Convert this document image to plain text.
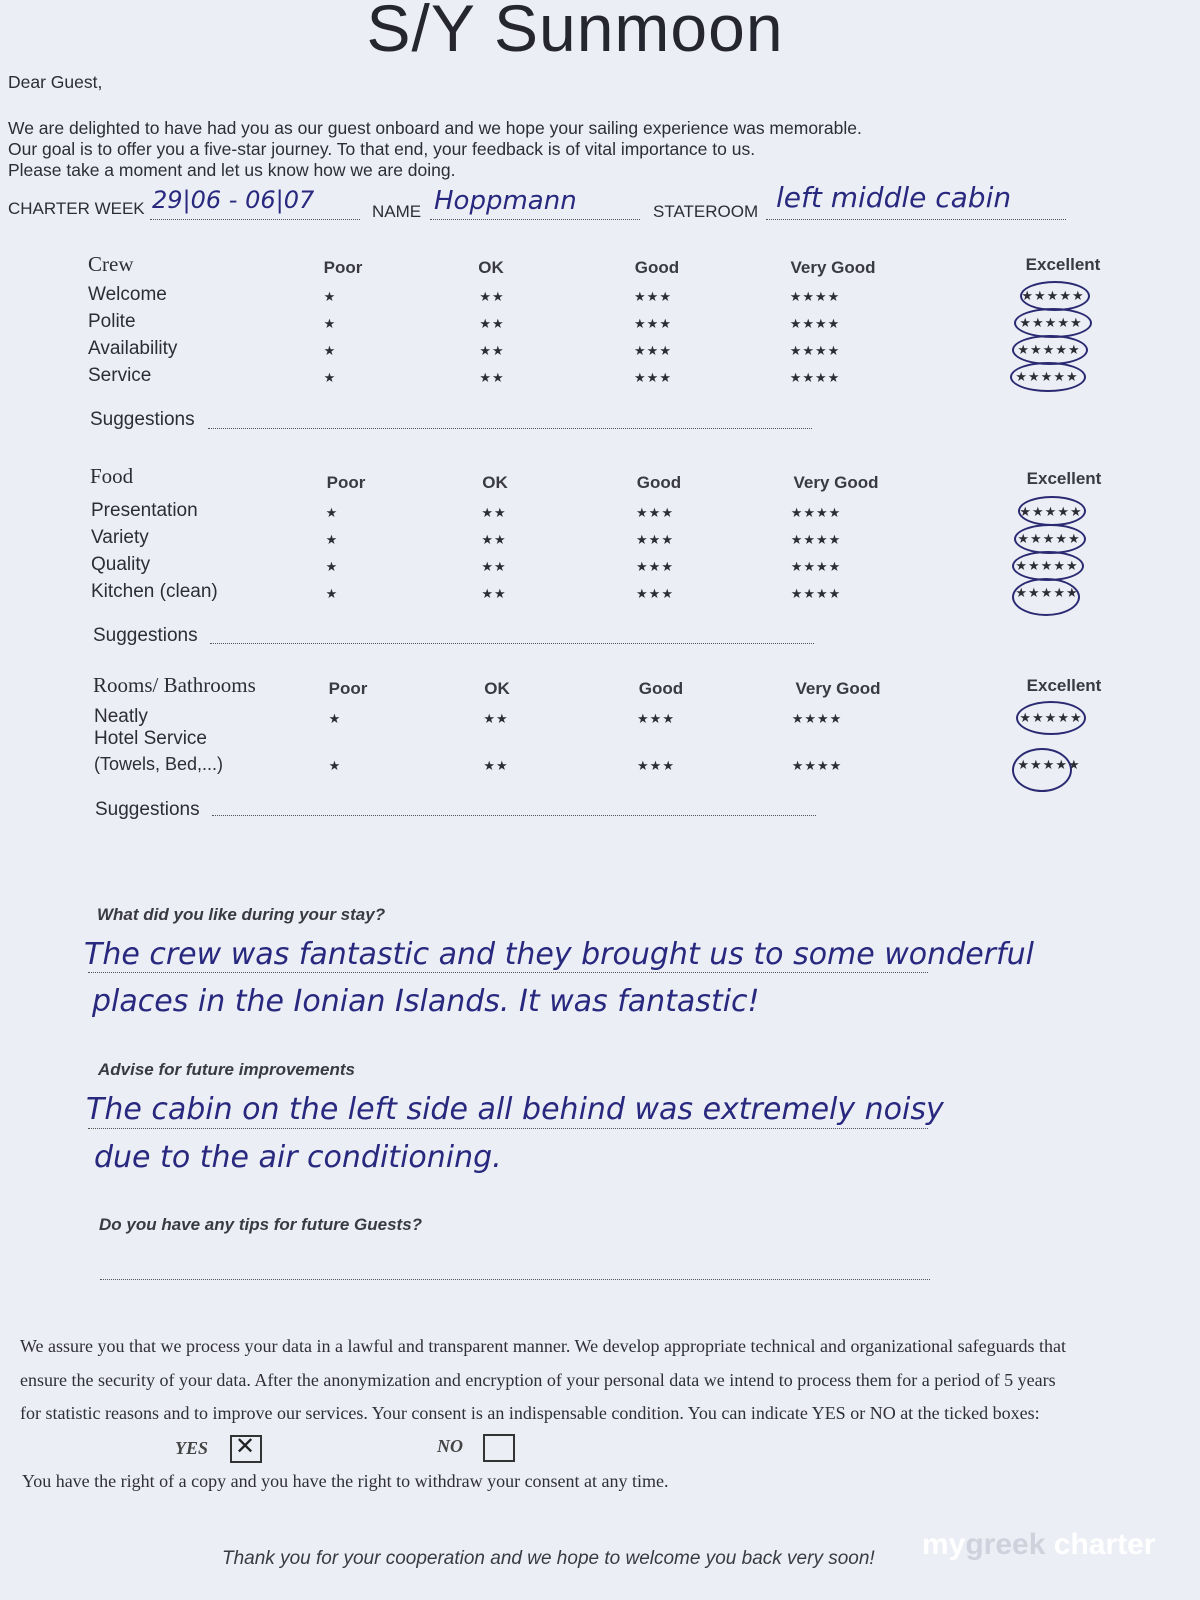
S/Y Sunmoon
Dear Guest,
We are delighted to have had you as our guest onboard and we hope your sailing experience was memorable.
Our goal is to offer you a five-star journey. To that end, your feedback is of vital importance to us.
Please take a moment and let us know how we are doing.
CHARTER WEEK 29|06 - 06|07	NAME Hoppmann	STATEROOM left middle cabin
Crew	Poor	OK	Good	Very Good	Excellent
Welcome	★	★★	★★★	★★★★	★★★★★
Polite	★	★★	★★★	★★★★	★★★★★
Availability	★	★★	★★★	★★★★	★★★★★
Service	★	★★	★★★	★★★★	★★★★★
Suggestions
Food	Poor	OK	Good	Very Good	Excellent
Presentation	★	★★	★★★	★★★★	★★★★★
Variety	★	★★	★★★	★★★★	★★★★★
Quality	★	★★	★★★	★★★★	★★★★★
Kitchen (clean)	★	★★	★★★	★★★★	★★★★★
Suggestions
Rooms/ Bathrooms	Poor	OK	Good	Very Good	Excellent
Neatly	★	★★	★★★	★★★★	★★★★★
Hotel Service
(Towels, Bed,...)	★	★★	★★★	★★★★	★★★★★
Suggestions
What did you like during your stay?
The crew was fantastic and they brought us to some wonderful
places in the Ionian Islands. It was fantastic!
Advise for future improvements
The cabin on the left side all behind was extremely noisy
due to the air conditioning.
Do you have any tips for future Guests?
We assure you that we process your data in a lawful and transparent manner. We develop appropriate technical and organizational safeguards that
ensure the security of your data. After the anonymization and encryption of your personal data we intend to process them for a period of 5 years
for statistic reasons and to improve our services. Your consent is an indispensable condition. You can indicate YES or NO at the ticked boxes:
YES ✕	NO
You have the right of a copy and you have the right to withdraw your consent at any time.
Thank you for your cooperation and we hope to welcome you back very soon! mygreek charter
